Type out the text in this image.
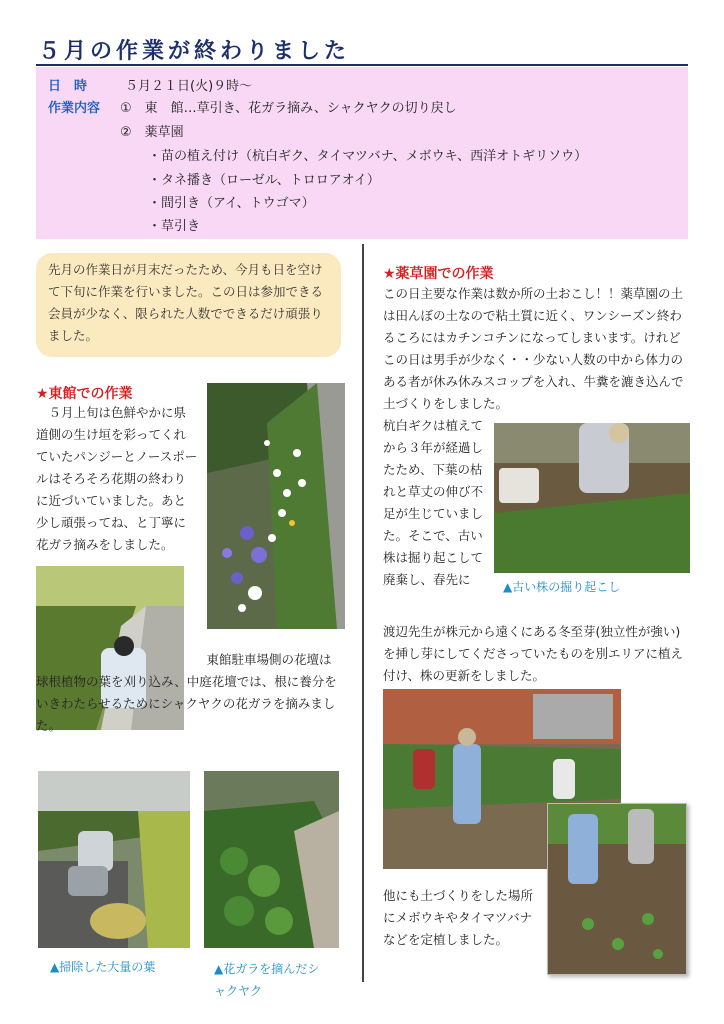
５月の作業が終わりました
日　時	５月２１日(火)９時～
作業内容 ①　東　館…草引き、花ガラ摘み、シャクヤクの切り戻し
②　薬草園
・苗の植え付け（杭白ギク、タイマツバナ、メボウキ、西洋オトギリソウ）
・タネ播き（ローゼル、トロロアオイ）
・間引き（アイ、トウゴマ）
・草引き
先月の作業日が月末だったため、今月も日を空けて下旬に作業を行いました。この日は参加できる会員が少なく、限られた人数でできるだけ頑張りました。
★東館での作業
　５月上旬は色鮮やかに県道側の生け垣を彩ってくれていたパンジーとノースポールはそろそろ花期の終わりに近づいていました。あと少し頑張ってね、と丁寧に花ガラ摘みをしました。
　東館駐車場側の花壇は球根植物の葉を刈り込み、中庭花壇では、根に養分をいきわたらせるためにシャクヤクの花ガラを摘みました。
▲掃除した大量の葉	▲花ガラを摘んだシャクヤク
★薬草園での作業
この日主要な作業は数か所の土おこし！！薬草園の土は田んぼの土なので粘土質に近く、ワンシーズン終わるころにはカチンコチンになってしまいます。けれどこの日は男手が少なく・・少ない人数の中から体力のある者が休み休みスコップを入れ、牛糞を漉き込んで土づくりをしました。
杭白ギクは植えてから３年が経過したため、下葉の枯れと草丈の伸び不足が生じていました。そこで、古い株は掘り起こして廃棄し、春先に	▲古い株の掘り起こし
渡辺先生が株元から遠くにある冬至芽(独立性が強い)を挿し芽にしてくださっていたものを別エリアに植え付け、株の更新をしました。
他にも土づくりをした場所にメボウキやタイマツバナなどを定植しました。
